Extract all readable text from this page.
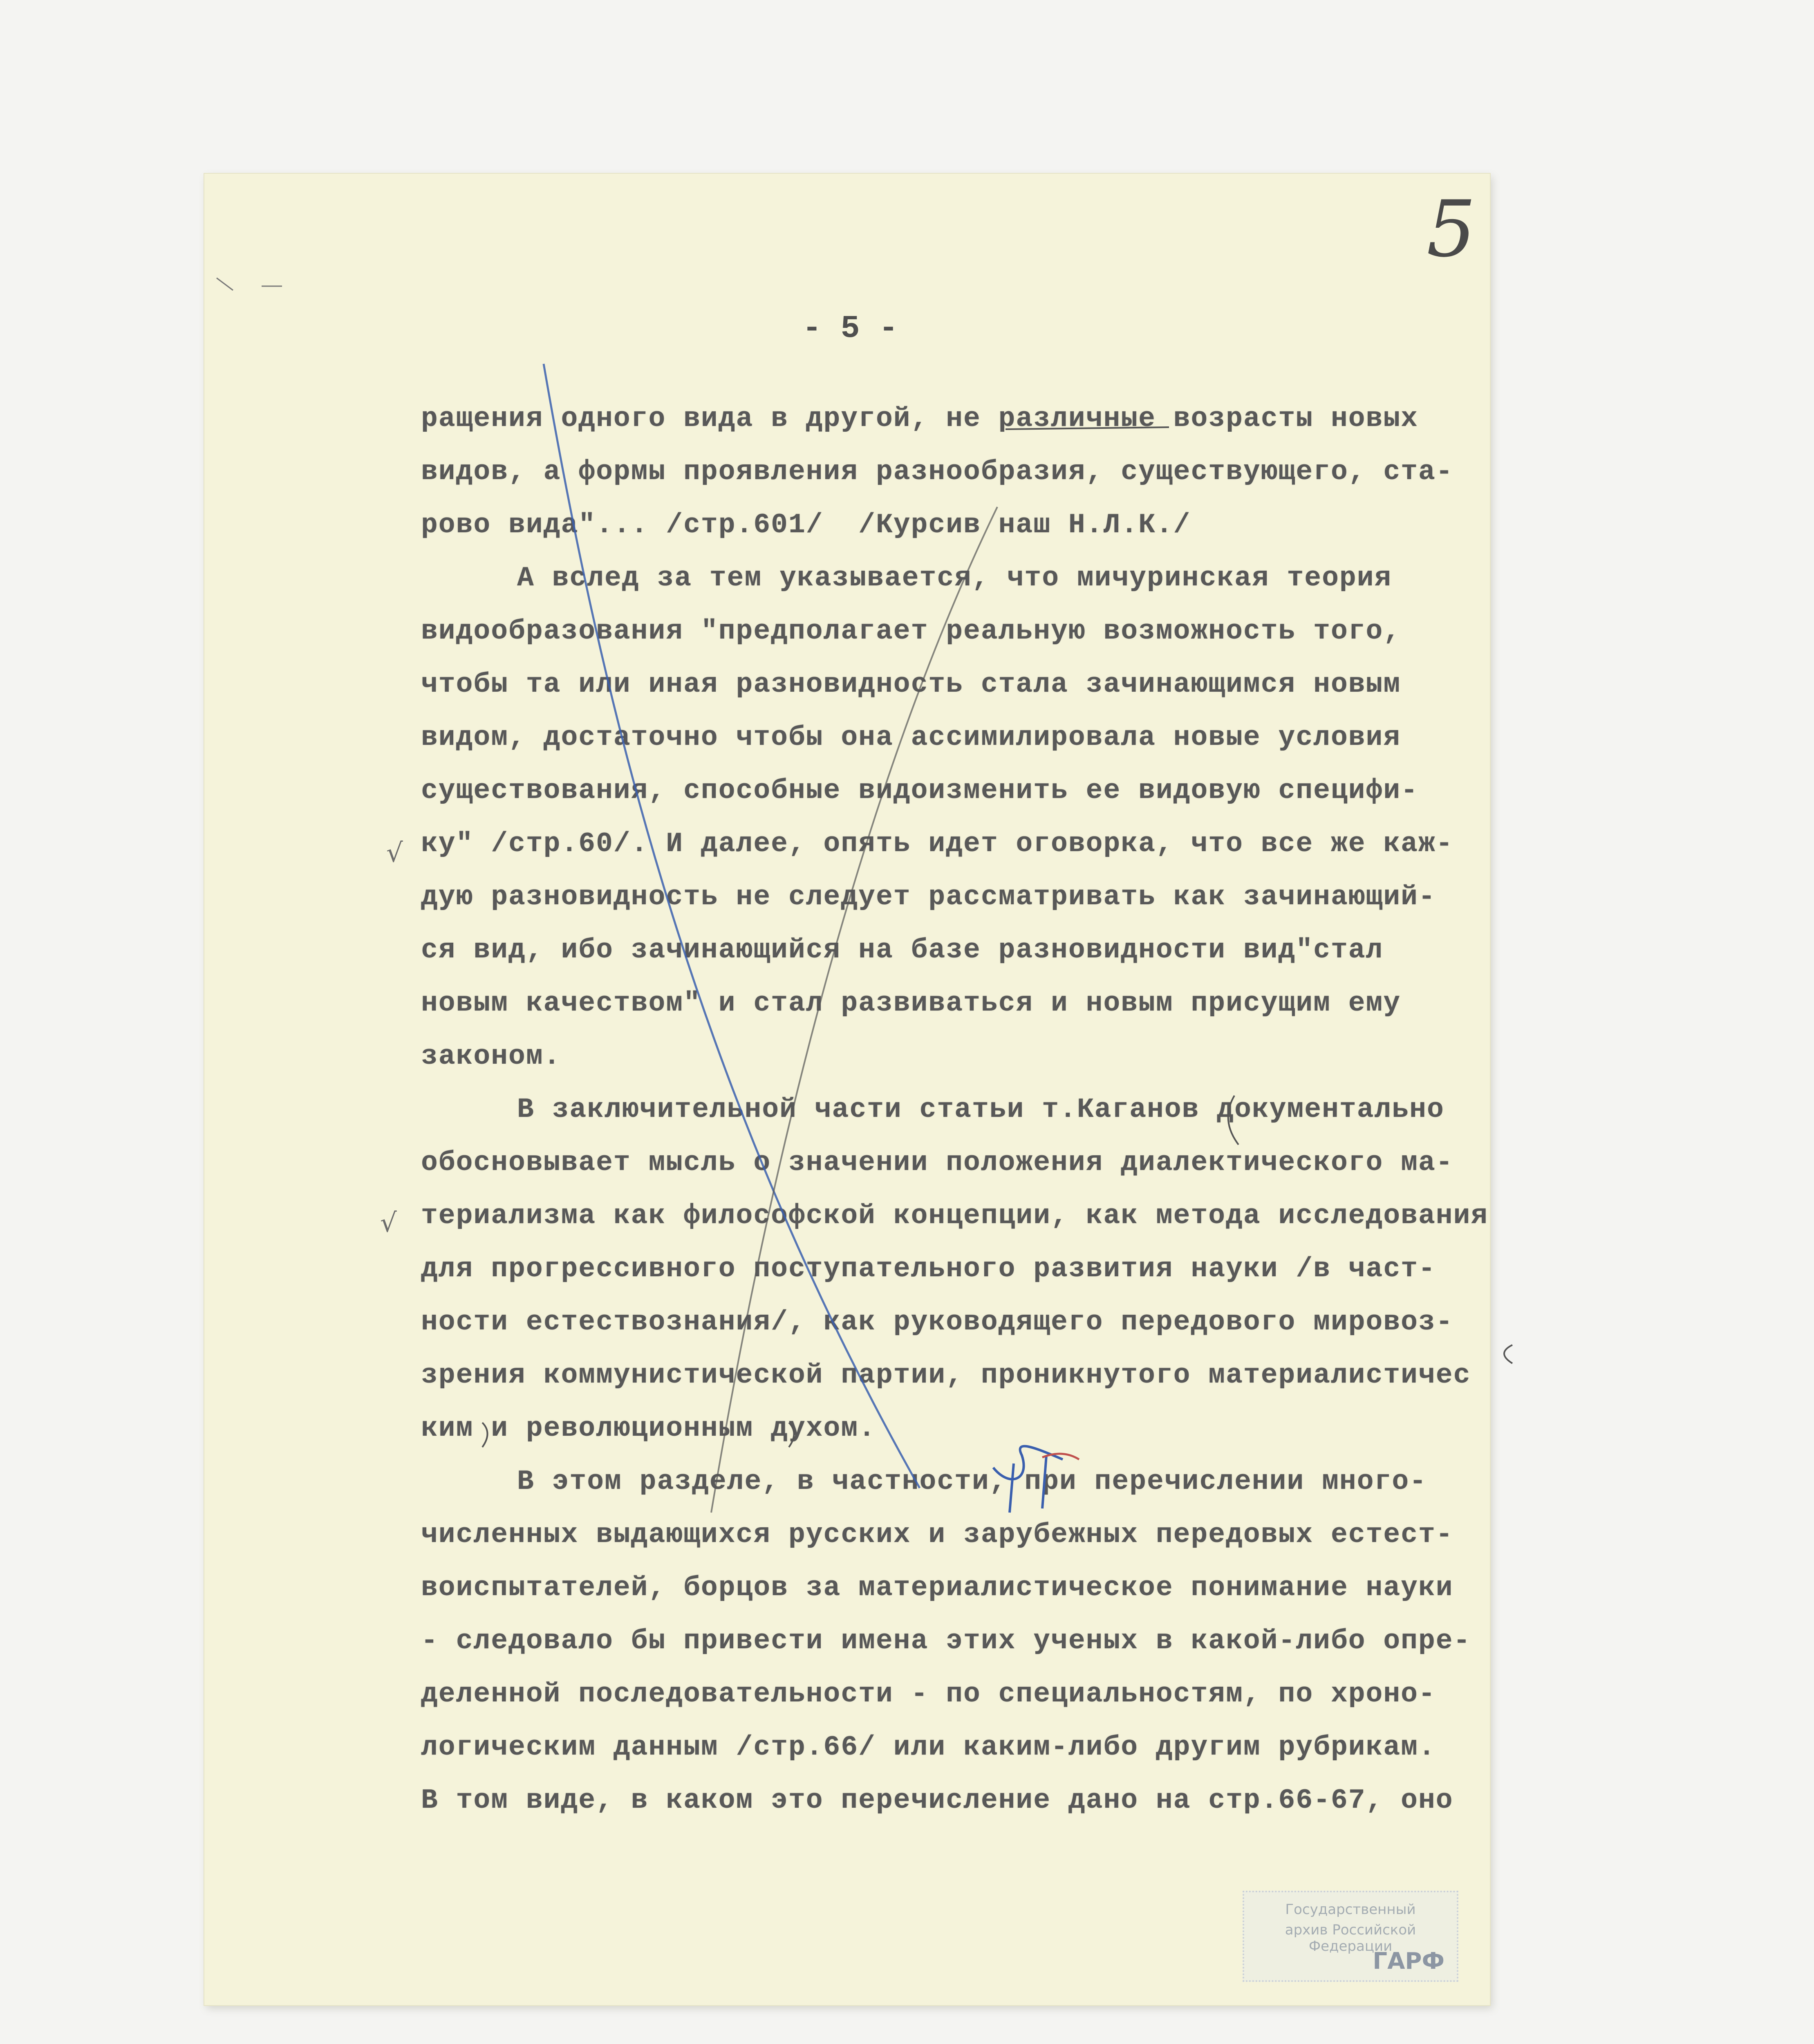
5
- 5 -
ращения одного вида в другой, не различные возрасты новых
видов, а формы проявления разнообразия, существующего, ста-
рово вида"... /стр.601/  /Курсив наш Н.Л.К./
А вслед за тем указывается, что мичуринская теория
видообразования "предполагает реальную возможность того,
чтобы та или иная разновидность стала зачинающимся новым
видом, достаточно чтобы она ассимилировала новые условия
существования, способные видоизменить ее видовую специфи-
ку" /стр.60/. И далее, опять идет оговорка, что все же каж-
дую разновидность не следует рассматривать как зачинающий-
ся вид, ибо зачинающийся на базе разновидности вид"стал
новым качеством" и стал развиваться и новым присущим ему
законом.
В заключительной части статьи т.Каганов документально
обосновывает мысль о значении положения диалектического ма-
териализма как философской концепции, как метода исследования
для прогрессивного поступательного развития науки /в част-
ности естествознания/, как руководящего передового мировоз-
зрения коммунистической партии, проникнутого материалистичес
ким и революционным духом.
В этом разделе, в частности, при перечислении много-
численных выдающихся русских и зарубежных передовых естест-
воиспытателей, борцов за материалистическое понимание науки
- следовало бы привести имена этих ученых в какой-либо опре-
деленной последовательности - по специальностям, по хроно-
логическим данным /стр.66/ или каким-либо другим рубрикам.
В том виде, в каком это перечисление дано на стр.66-67, оно
√
√
Государственный
архив Российской Федерации
ГАРФ
